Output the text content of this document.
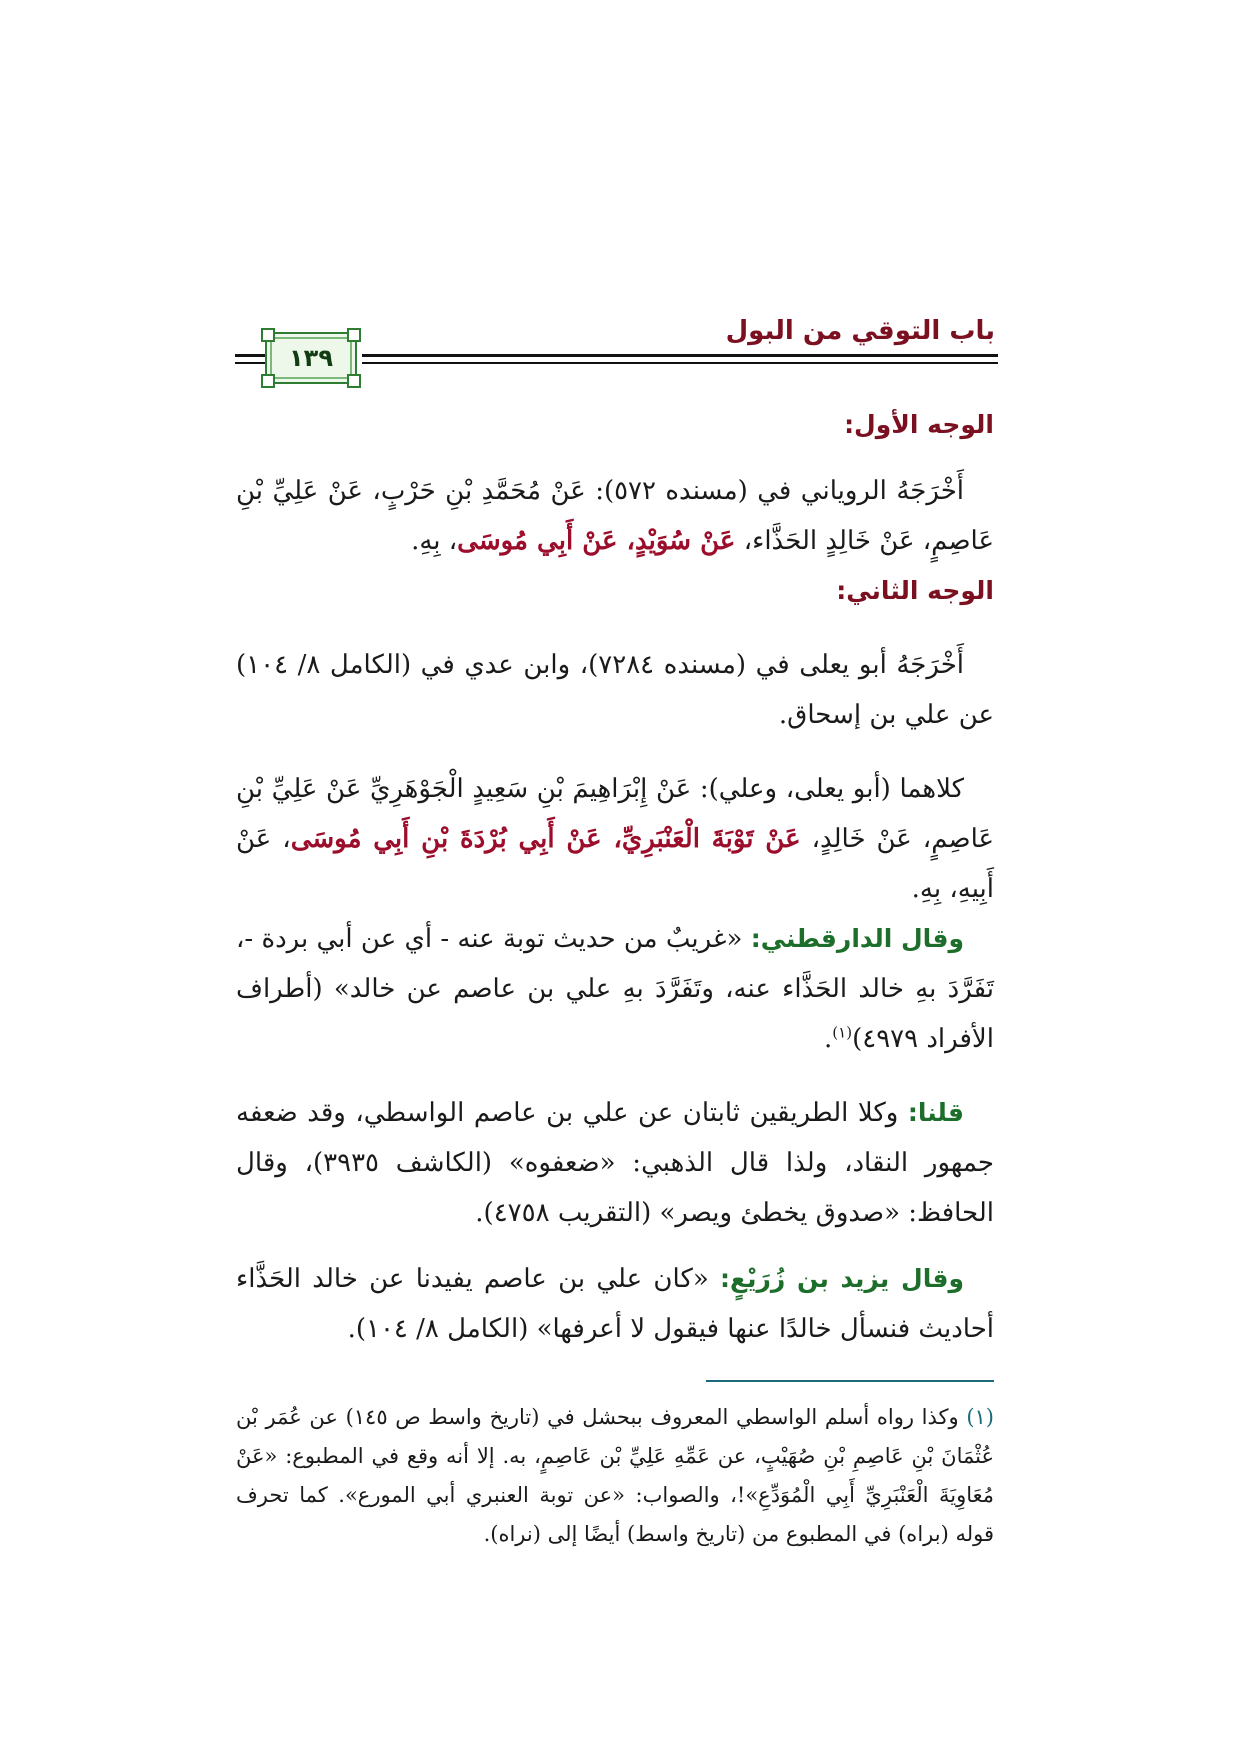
باب التوقي من البول
١٣٩

الوجه الأول:

أَخْرَجَهُ الروياني في (مسنده ٥٧٢): عَنْ مُحَمَّدِ بْنِ حَرْبٍ، عَنْ عَلِيِّ بْنِ عَاصِمٍ، عَنْ خَالِدٍ الحَذَّاء، عَنْ سُوَيْدٍ، عَنْ أَبِي مُوسَى، بِهِ.

الوجه الثاني:

أَخْرَجَهُ أبو يعلى في (مسنده ٧٢٨٤)، وابن عدي في (الكامل ٨/ ١٠٤) عن علي بن إسحاق.

كلاهما (أبو يعلى، وعلي): عَنْ إِبْرَاهِيمَ بْنِ سَعِيدٍ الْجَوْهَرِيِّ عَنْ عَلِيِّ بْنِ عَاصِمٍ، عَنْ خَالِدٍ، عَنْ تَوْبَةَ الْعَنْبَرِيِّ، عَنْ أَبِي بُرْدَةَ بْنِ أَبِي مُوسَى، عَنْ أَبِيهِ، بِهِ.

وقال الدارقطني: «غريبٌ من حديث توبة عنه - أي عن أبي بردة -، تَفَرَّدَ بهِ خالد الحَذَّاء عنه، وتَفَرَّدَ بهِ علي بن عاصم عن خالد» (أطراف الأفراد ٤٩٧٩)$^{(١)}$.

قلنا: وكلا الطريقين ثابتان عن علي بن عاصم الواسطي، وقد ضعفه جمهور النقاد، ولذا قال الذهبي: «ضعفوه» (الكاشف ٣٩٣٥)، وقال الحافظ: «صدوق يخطئ ويصر» (التقريب ٤٧٥٨).

وقال يزيد بن زُرَيْعٍ: «كان علي بن عاصم يفيدنا عن خالد الحَذَّاء أحاديث فنسأل خالدًا عنها فيقول لا أعرفها» (الكامل ٨/ ١٠٤).

(١) وكذا رواه أسلم الواسطي المعروف ببحشل في (تاريخ واسط ص ١٤٥) عن عُمَر بْن عُثْمَانَ بْنِ عَاصِمِ بْنِ صُهَيْبٍ، عن عَمِّهِ عَلِيِّ بْن عَاصِمٍ، به. إلا أنه وقع في المطبوع: «عَنْ مُعَاوِيَةَ الْعَنْبَرِيِّ أَبِي الْمُوَدِّعِ»!، والصواب: «عن توبة العنبري أبي المورع». كما تحرف قوله (براه) في المطبوع من (تاريخ واسط) أيضًا إلى (نراه).
